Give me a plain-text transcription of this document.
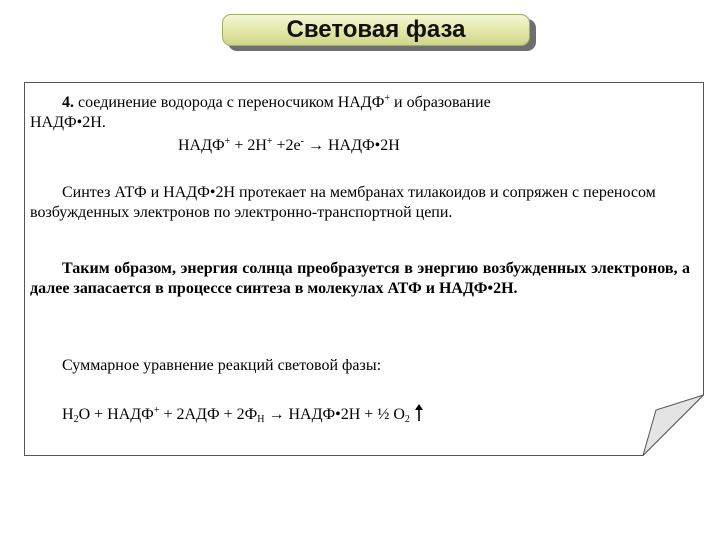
Световая фаза
4. соединение водорода с переносчиком НАДФ+ и образование
НАДФ•2Н.
НАДФ+ + 2Н+ +2е- → НАДФ•2Н
Синтез АТФ и НАДФ•2Н протекает на мембранах тилакоидов и сопряжен с переносом возбужденных электронов по электронно-транспортной цепи.
Таким образом, энергия солнца преобразуется в энергию возбужденных электронов, а далее запасается в процессе синтеза в молекулах АТФ и НАДФ•2Н.
Суммарное уравнение реакций световой фазы:
$Н_2О$ + НАДФ+ + $2АДФ + 2Ф_Н$ → НАДФ•2Н + ½ $О_2$
